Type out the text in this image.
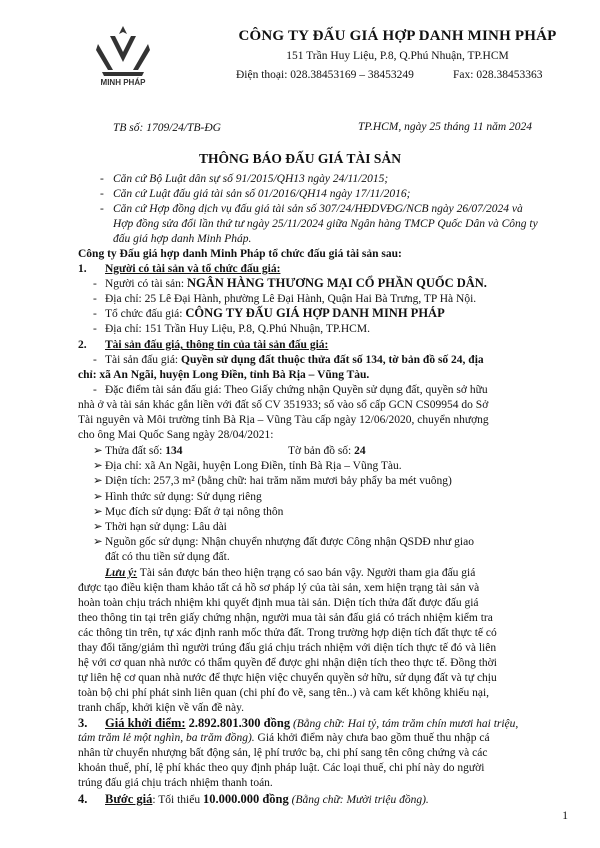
MINH PHÁP
CÔNG TY ĐẤU GIÁ HỢP DANH MINH PHÁP
151 Trần Huy Liệu, P.8, Q.Phú Nhuận, TP.HCM
Điện thoại: 028.38453169 – 38453249	Fax: 028.38453363
TB số: 1709/24/TB-ĐG	TP.HCM, ngày 25 tháng 11 năm 2024
THÔNG BÁO ĐẤU GIÁ TÀI SẢN
- Căn cứ Bộ Luật dân sự số 91/2015/QH13 ngày 24/11/2015;
- Căn cứ Luật đấu giá tài sản số 01/2016/QH14 ngày 17/11/2016;
- Căn cứ Hợp đồng dịch vụ đấu giá tài sản số 307/24/HĐDVĐG/NCB ngày 26/07/2024 và
Hợp đồng sửa đổi lần thứ tư ngày 25/11/2024 giữa Ngân hàng TMCP Quốc Dân và Công ty
đấu giá hợp danh Minh Pháp.
Công ty Đấu giá hợp danh Minh Pháp tổ chức đấu giá tài sản sau:
1. Người có tài sản và tổ chức đấu giá:
- Người có tài sản: NGÂN HÀNG THƯƠNG MẠI CỔ PHẦN QUỐC DÂN.
- Địa chỉ: 25 Lê Đại Hành, phường Lê Đại Hành, Quận Hai Bà Trưng, TP Hà Nội.
- Tổ chức đấu giá: CÔNG TY ĐẤU GIÁ HỢP DANH MINH PHÁP
- Địa chỉ: 151 Trần Huy Liệu, P.8, Q.Phú Nhuận, TP.HCM.
2. Tài sản đấu giá, thông tin của tài sản đấu giá:
- Tài sản đấu giá: Quyền sử dụng đất thuộc thửa đất số 134, tờ bản đồ số 24, địa
chỉ: xã An Ngãi, huyện Long Điền, tỉnh Bà Rịa – Vũng Tàu.
- Đặc điểm tài sản đấu giá: Theo Giấy chứng nhận Quyền sử dụng đất, quyền sở hữu
nhà ở và tài sản khác gắn liền với đất số CV 351933; số vào sổ cấp GCN CS09954 do Sở
Tài nguyên và Môi trường tỉnh Bà Rịa – Vũng Tàu cấp ngày 12/06/2020, chuyển nhượng
cho ông Mai Quốc Sang ngày 28/04/2021:
➢ Thửa đất số: 134	Tờ bản đồ số: 24
➢ Địa chỉ: xã An Ngãi, huyện Long Điền, tỉnh Bà Rịa – Vũng Tàu.
➢ Diện tích: 257,3 m² (bằng chữ: hai trăm năm mươi bảy phẩy ba mét vuông)
➢ Hình thức sử dụng: Sử dụng riêng
➢ Mục đích sử dụng: Đất ở tại nông thôn
➢ Thời hạn sử dụng: Lâu dài
➢ Nguồn gốc sử dụng: Nhận chuyển nhượng đất được Công nhận QSDĐ như giao
đất có thu tiền sử dụng đất.
Lưu ý: Tài sản được bán theo hiện trạng có sao bán vậy. Người tham gia đấu giá
được tạo điều kiện tham khảo tất cả hồ sơ pháp lý của tài sản, xem hiện trạng tài sản và
hoàn toàn chịu trách nhiệm khi quyết định mua tài sản. Diện tích thửa đất được đấu giá
theo thông tin tại trên giấy chứng nhận, người mua tài sản đấu giá có trách nhiệm kiểm tra
các thông tin trên, tự xác định ranh mốc thửa đất. Trong trường hợp diện tích đất thực tế có
thay đổi tăng/giảm thì người trúng đấu giá chịu trách nhiệm với diện tích thực tế đó và liên
hệ với cơ quan nhà nước có thẩm quyền để được ghi nhận diện tích theo thực tế. Đồng thời
tự liên hệ cơ quan nhà nước để thực hiện việc chuyển quyền sở hữu, sử dụng đất và tự chịu
toàn bộ chi phí phát sinh liên quan (chi phí đo vẽ, sang tên..) và cam kết không khiếu nại,
tranh chấp, khởi kiện về vấn đề này.
3. Giá khởi điểm: 2.892.801.300 đồng (Bằng chữ: Hai tỷ, tám trăm chín mươi hai triệu,
tám trăm lẻ một nghìn, ba trăm đồng). Giá khởi điểm này chưa bao gồm thuế thu nhập cá
nhân từ chuyển nhượng bất động sản, lệ phí trước bạ, chi phí sang tên công chứng và các
khoản thuế, phí, lệ phí khác theo quy định pháp luật. Các loại thuế, chi phí này do người
trúng đấu giá chịu trách nhiệm thanh toán.
4. Bước giá: Tối thiểu 10.000.000 đồng (Bằng chữ: Mười triệu đồng).
1
